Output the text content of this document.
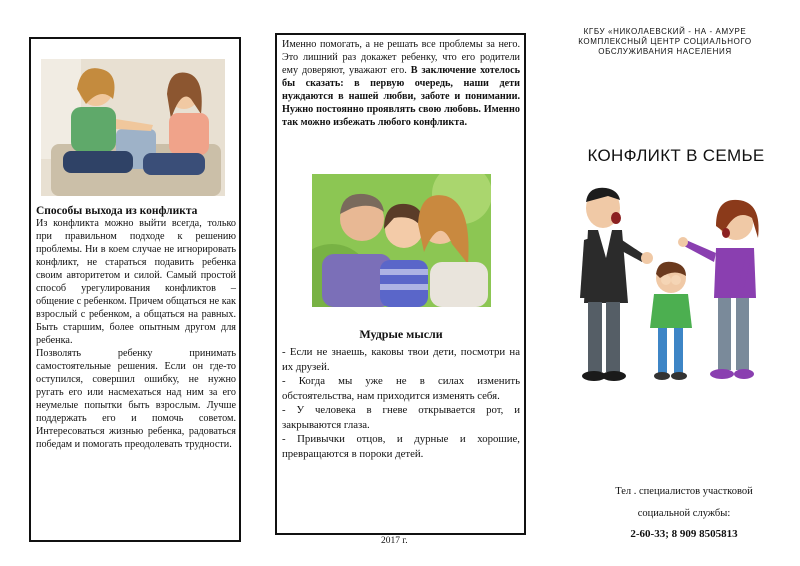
Способы выхода из конфликта

Из конфликта можно выйти всегда, только при правильном подходе к решению проблемы. Ни в коем случае не игнорировать конфликт, не стараться подавить ребенка своим авторитетом и силой. Самый простой способ урегулирования конфликтов – общение с ребенком. Причем общаться не как взрослый с ребенком, а общаться на равных. Быть старшим, более опытным другом для ребенка.

Позволять ребенку принимать самостоятельные решения. Если он где-то оступился, совершил ошибку, не нужно ругать его или насмехаться над ним за его неумелые попытки быть взрослым. Лучше поддержать его и помочь советом. Интересоваться жизнью ребенка, радоваться победам и помогать преодолевать трудности.

Именно помогать, а не решать все проблемы за него. Это лишний раз докажет ребенку, что его родители ему доверяют, уважают его. В заключение хотелось бы сказать: в первую очередь, наши дети нуждаются в нашей любви, заботе и понимании. Нужно постоянно проявлять свою любовь. Именно так можно избежать любого конфликта.

Мудрые мысли

- Если не знаешь, каковы твои дети, посмотри на их друзей.

- Когда мы уже не в силах изменить обстоятельства, нам приходится изменять себя.

- У человека в гневе открывается рот, и закрываются глаза.

- Привычки отцов, и дурные и хорошие, превращаются в пороки детей.

2017 г.
КГБУ «НИКОЛАЕВСКИЙ - НА - АМУРЕ
КОМПЛЕКСНЫЙ ЦЕНТР СОЦИАЛЬНОГО
ОБСЛУЖИВАНИЯ НАСЕЛЕНИЯ
КОНФЛИКТ В СЕМЬЕ
Тел . специалистов участковой
социальной службы:
2-60-33; 8 909 8505813
